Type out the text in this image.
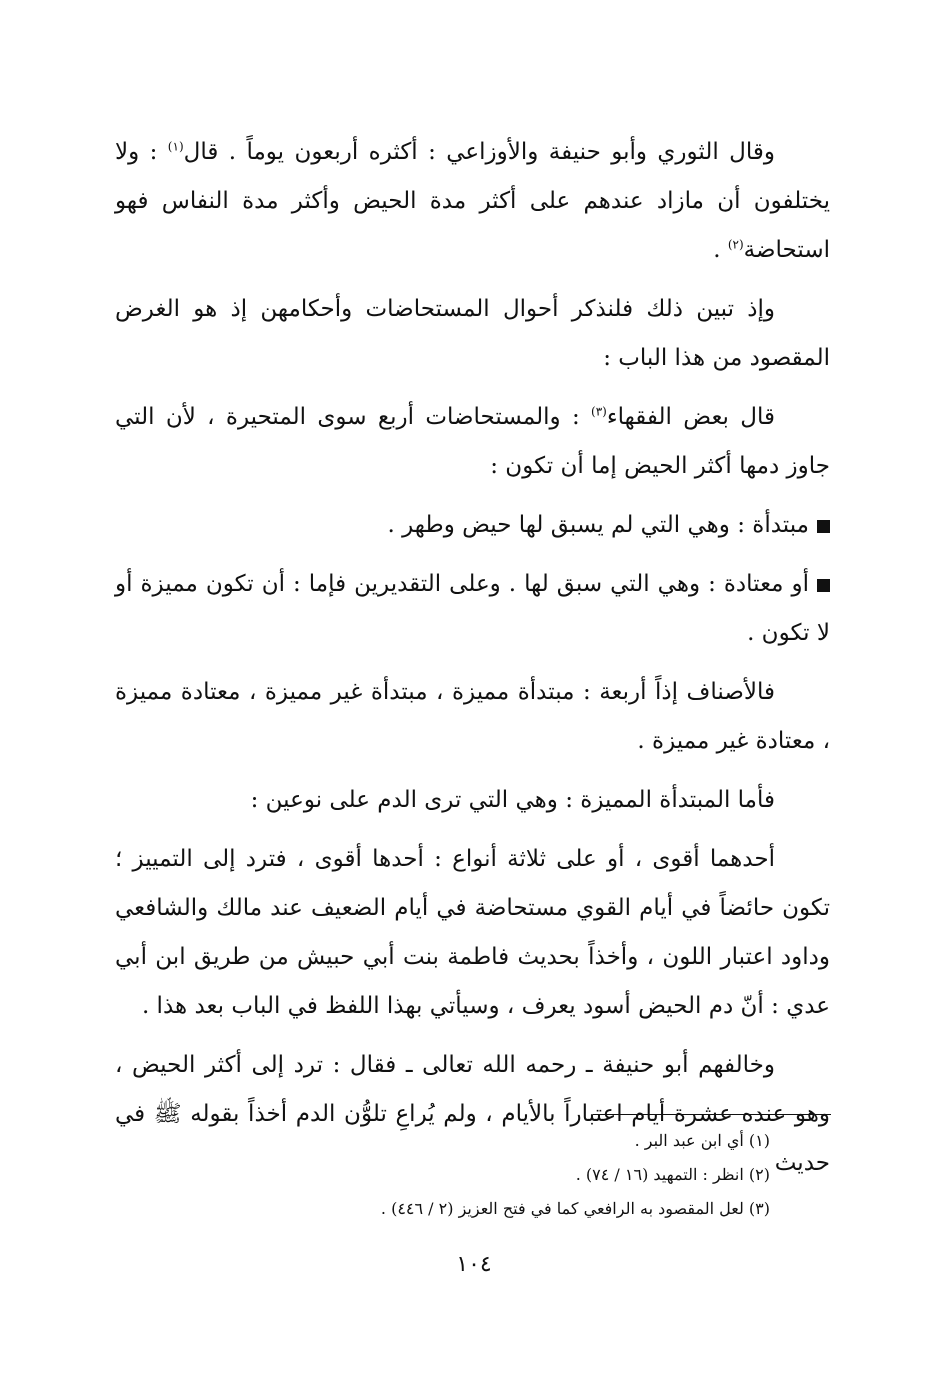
وقال الثوري وأبو حنيفة والأوزاعي : أكثره أربعون يوماً . قال$^{(١)}$ : ولا يختلفون أن مازاد عندهم على أكثر مدة الحيض وأكثر مدة النفاس فهو استحاضة$^{(٢)}$ .

وإذ تبين ذلك فلنذكر أحوال المستحاضات وأحكامهن إذ هو الغرض المقصود من هذا الباب :

قال بعض الفقهاء$^{(٣)}$ : والمستحاضات أربع سوى المتحيرة ، لأن التي جاوز دمها أكثر الحيض إما أن تكون :

مبتدأة : وهي التي لم يسبق لها حيض وطهر .

أو معتادة : وهي التي سبق لها . وعلى التقديرين فإما : أن تكون مميزة أو لا تكون .

فالأصناف إذاً أربعة : مبتدأة مميزة ، مبتدأة غير مميزة ، معتادة مميزة ، معتادة غير مميزة .

فأما المبتدأة المميزة : وهي التي ترى الدم على نوعين :

أحدهما أقوى ، أو على ثلاثة أنواع : أحدها أقوى ، فترد إلى التمييز ؛ تكون حائضاً في أيام القوي مستحاضة في أيام الضعيف عند مالك والشافعي وداود اعتبار اللون ، وأخذاً بحديث فاطمة بنت أبي حبيش من طريق ابن أبي عدي : أنّ دم الحيض أسود يعرف ، وسيأتي بهذا اللفظ في الباب بعد هذا .

وخالفهم أبو حنيفة ـ رحمه الله تعالى ـ فقال : ترد إلى أكثر الحيض ، وهو عنده عشرة أيام اعتباراً بالأيام ، ولم يُراعِ تلوُّن الدم أخذاً بقوله ﷺ في حديث

(١) أي ابن عبد البر .

(٢) انظر : التمهيد (١٦ / ٧٤) .

(٣) لعل المقصود به الرافعي كما في فتح العزيز (٢ / ٤٤٦) .

١٠٤
